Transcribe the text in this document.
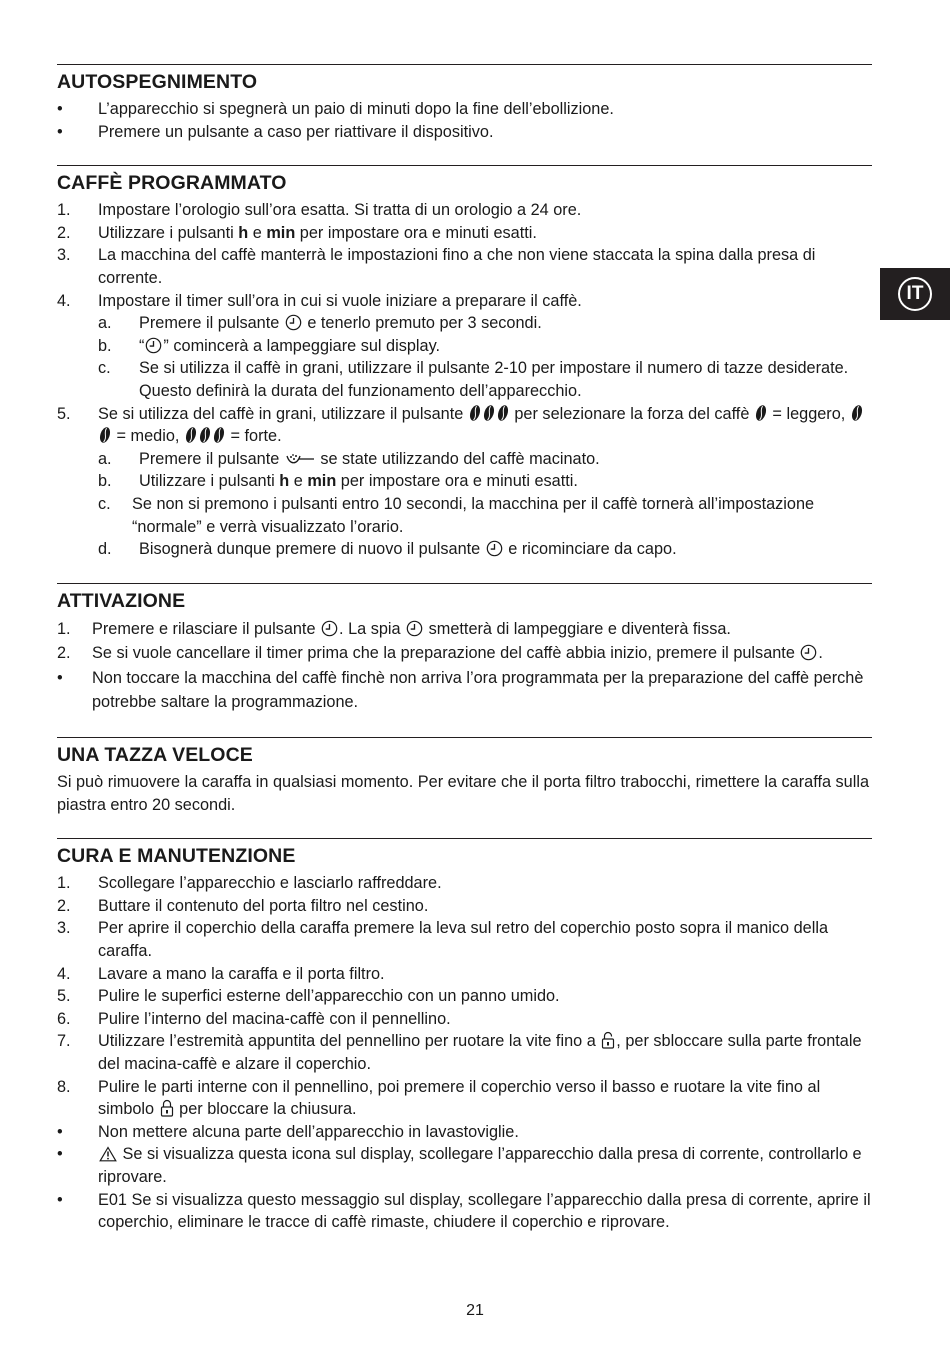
IT
AUTOSPEGNIMENTO
•	L’apparecchio si spegnerà un paio di minuti dopo la fine dell’ebollizione.
•	Premere un pulsante a caso per riattivare il dispositivo.
CAFFÈ PROGRAMMATO
1.	Impostare l’orologio sull’ora esatta. Si tratta di un orologio a 24 ore.
2.	Utilizzare i pulsanti h e min per impostare ora e minuti esatti.
3.	La macchina del caffè manterrà le impostazioni fino a che non viene staccata la spina dalla presa di corrente.
4.	Impostare il timer sull’ora in cui si vuole iniziare a preparare il caffè.
a.	Premere il pulsante  e tenerlo premuto per 3 secondi.
b.	“ ” comincerà a lampeggiare sul display.
c.	Se si utilizza il caffè in grani, utilizzare il pulsante 2-10 per impostare il numero di tazze desiderate. Questo definirà la durata del funzionamento dell’apparecchio.
5.	Se si utilizza del caffè in grani, utilizzare il pulsante	per selezionare la forza del caffè  = leggero,  = medio,	= forte.
a.	Premere il pulsante  se state utilizzando del caffè macinato.
b.	Utilizzare i pulsanti h e min per impostare ora e minuti esatti.
c.	Se non si premono i pulsanti entro 10 secondi, la macchina per il caffè tornerà all’impostazione “normale” e verrà visualizzato l’orario.
d.	Bisognerà dunque premere di nuovo il pulsante  e ricominciare da capo.
ATTIVAZIONE
1.	Premere e rilasciare il pulsante . La spia  smetterà di lampeggiare e diventerà fissa.
2.	Se si vuole cancellare il timer prima che la preparazione del caffè abbia inizio, premere il pulsante .
•	Non toccare la macchina del caffè finchè non arriva l’ora programmata per la preparazione del caffè perchè potrebbe saltare la programmazione.
UNA TAZZA VELOCE
Si può rimuovere la caraffa in qualsiasi momento. Per evitare che il porta filtro trabocchi, rimettere la caraffa sulla piastra entro 20 secondi.
CURA E MANUTENZIONE
1.	Scollegare l’apparecchio e lasciarlo raffreddare.
2.	Buttare il contenuto del porta filtro nel cestino.
3.	Per aprire il coperchio della caraffa premere la leva sul retro del coperchio posto sopra il manico della caraffa.
4.	Lavare a mano la caraffa e il porta filtro.
5.	Pulire le superfici esterne dell’apparecchio con un panno umido.
6.	Pulire l’interno del macina-caffè con il pennellino.
7.	Utilizzare l’estremità appuntita del pennellino per ruotare la vite fino a , per sbloccare sulla parte frontale del macina-caffè e alzare il coperchio.
8.	Pulire le parti interne con il pennellino, poi premere il coperchio verso il basso e ruotare la vite fino al simbolo  per bloccare la chiusura.
•	Non mettere alcuna parte dell’apparecchio in lavastoviglie.
•	Se si visualizza questa icona sul display, scollegare l’apparecchio dalla presa di corrente, controllarlo e riprovare.
•	E01 Se si visualizza questo messaggio sul display, scollegare l’apparecchio dalla presa di corrente, aprire il coperchio, eliminare le tracce di caffè rimaste, chiudere il coperchio e riprovare.
21
